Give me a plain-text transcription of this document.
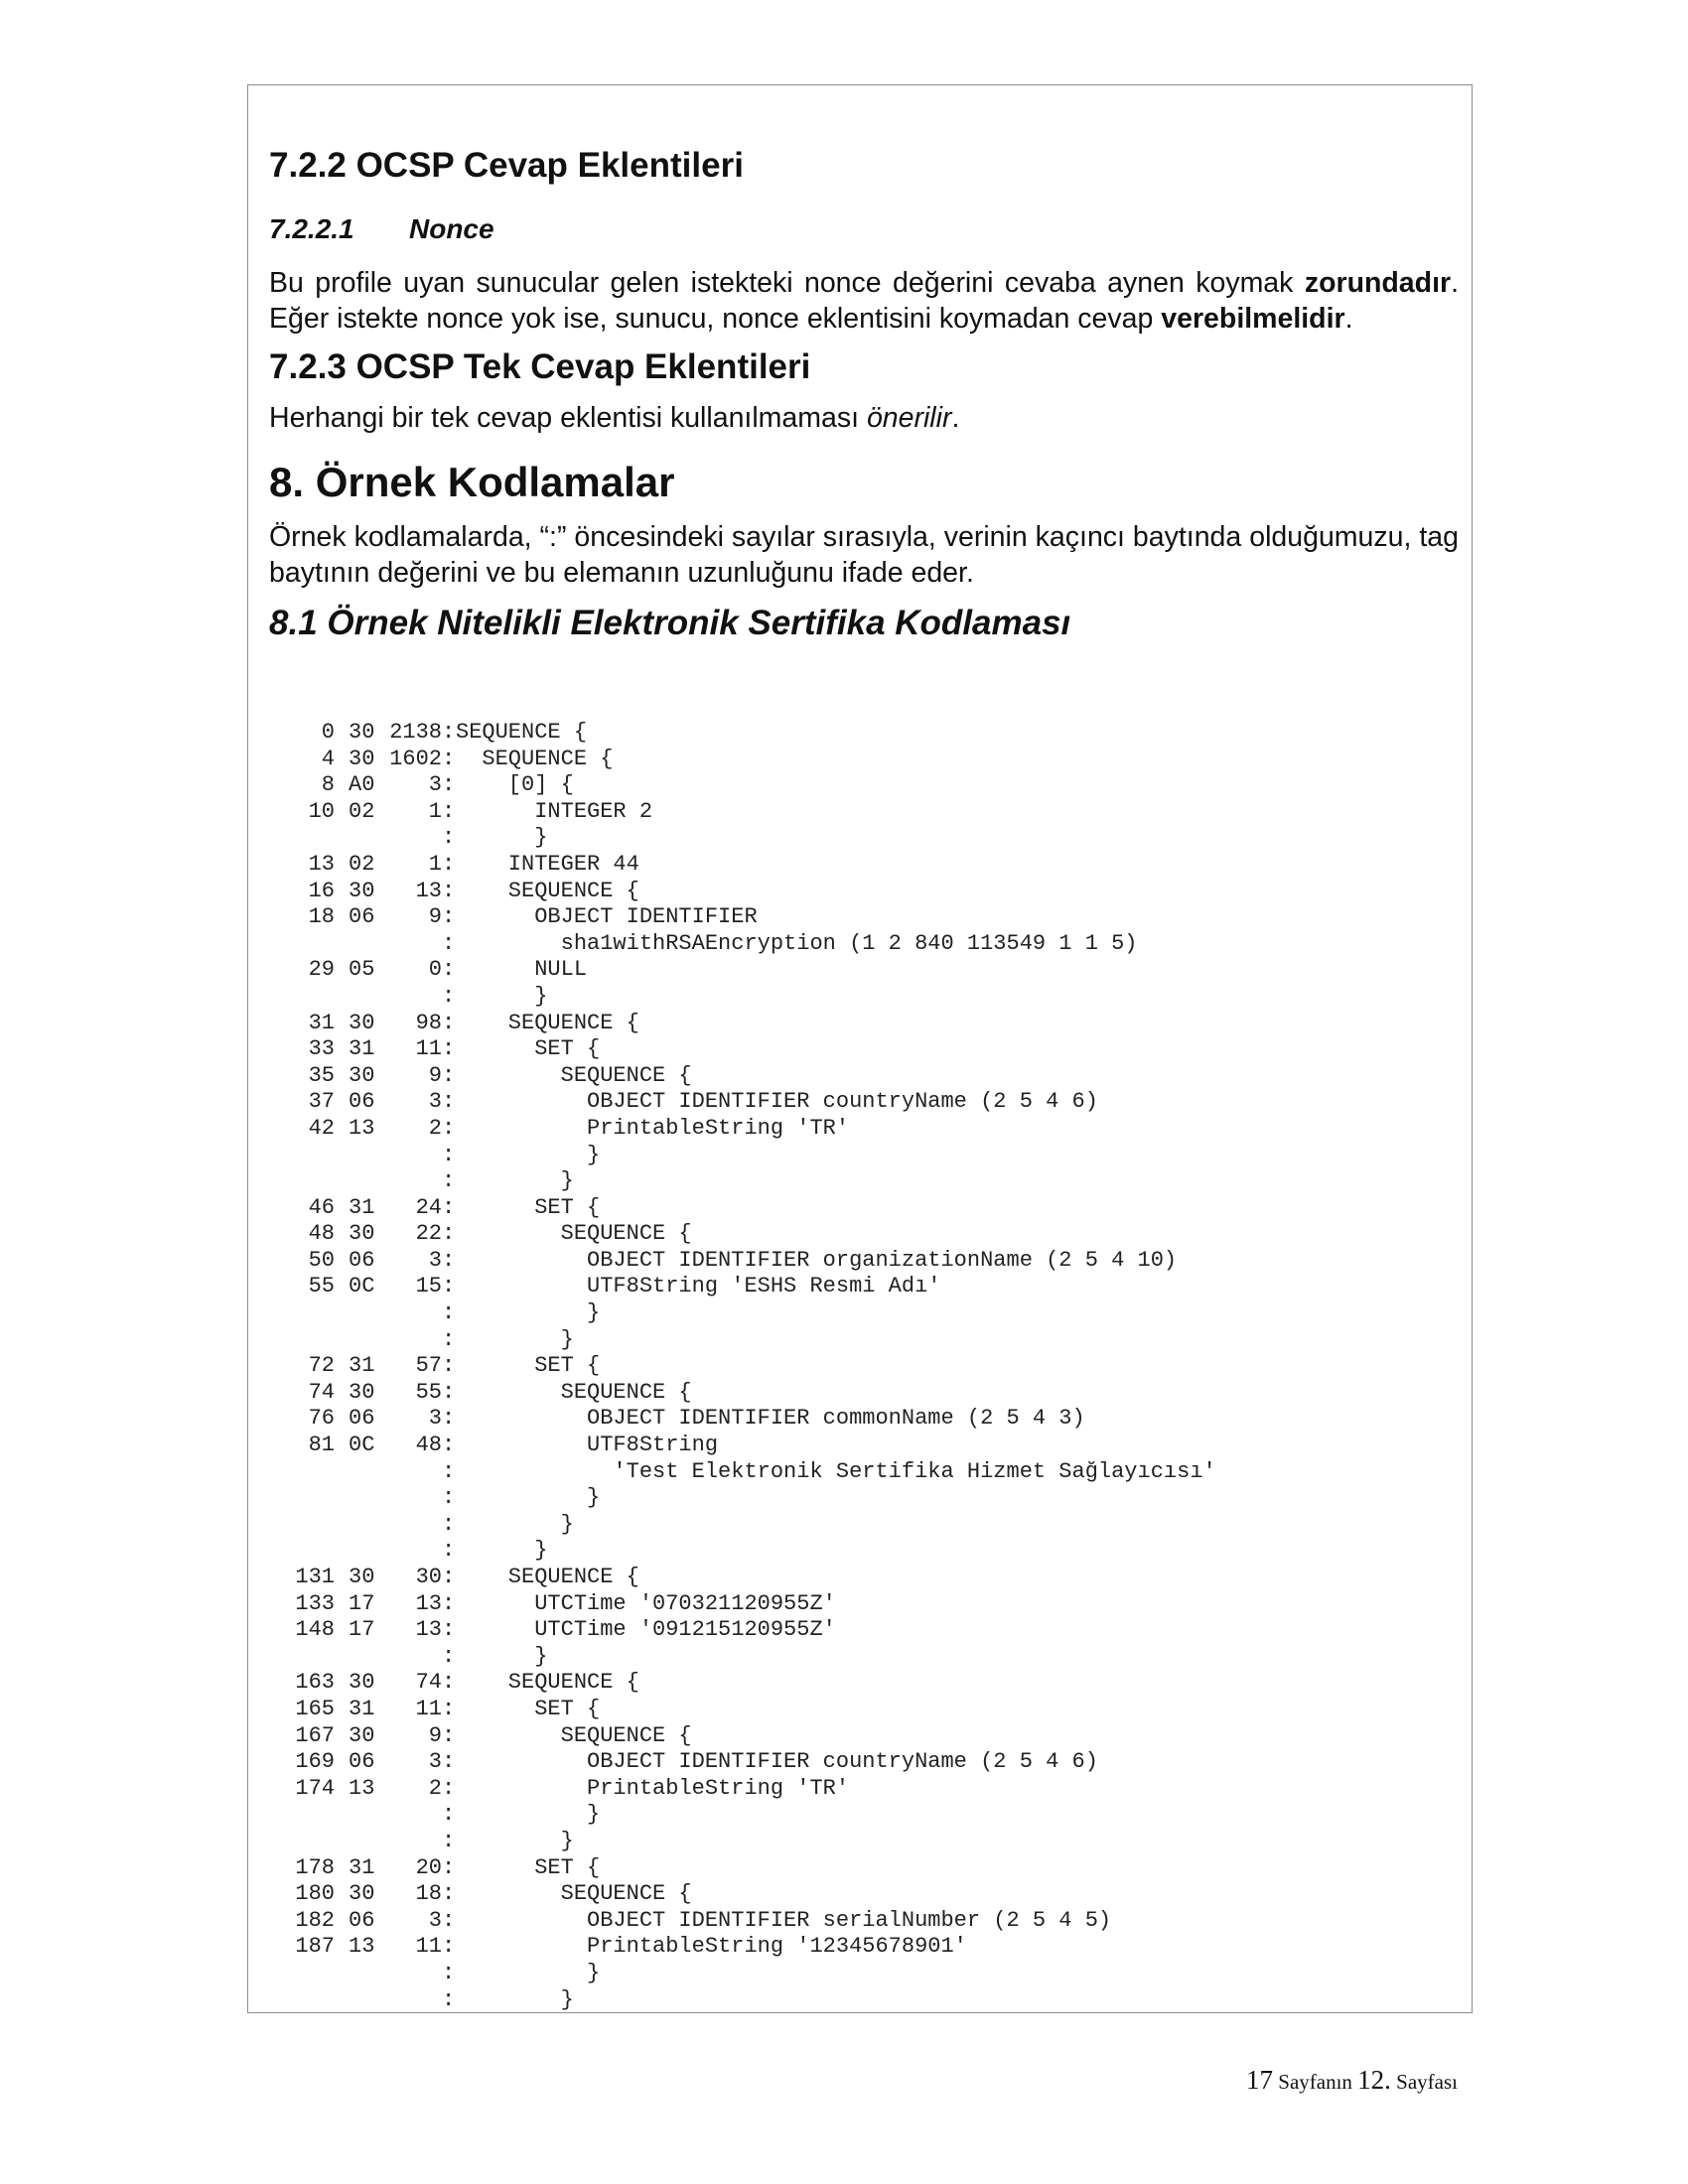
7.2.2 OCSP Cevap Eklentileri
7.2.2.1 Nonce

Bu profile uyan sunucular gelen istekteki nonce değerini cevaba aynen koymak zorundadır. Eğer istekte nonce yok ise, sunucu, nonce eklentisini koymadan cevap verebilmelidir.

7.2.3 OCSP Tek Cevap Eklentileri

Herhangi bir tek cevap eklentisi kullanılmaması önerilir.

8. Örnek Kodlamalar

Örnek kodlamalarda, “:” öncesindeki sayılar sırasıyla, verinin kaçıncı baytında olduğumuzu, tag baytının değerini ve bu elemanın uzunluğunu ifade eder.

8.1 Örnek Nitelikli Elektronik Sertifika Kodlaması
0 30 2138:SEQUENCE {
4 30 1602:  SEQUENCE {
8 A0 3:    [0] {
10 02 1:      INTEGER 2
:      }
13 02 1:    INTEGER 44
16 30 13:    SEQUENCE {
18 06 9:      OBJECT IDENTIFIER
:        sha1withRSAEncryption (1 2 840 113549 1 1 5)
29 05 0:      NULL
:      }
31 30 98:    SEQUENCE {
33 31 11:      SET {
35 30 9:        SEQUENCE {
37 06 3:          OBJECT IDENTIFIER countryName (2 5 4 6)
42 13 2:          PrintableString 'TR'
:          }
:        }
46 31 24:      SET {
48 30 22:        SEQUENCE {
50 06 3:          OBJECT IDENTIFIER organizationName (2 5 4 10)
55 0C 15:          UTF8String 'ESHS Resmi Adı'
:          }
:        }
72 31 57:      SET {
74 30 55:        SEQUENCE {
76 06 3:          OBJECT IDENTIFIER commonName (2 5 4 3)
81 0C 48:          UTF8String
:            'Test Elektronik Sertifika Hizmet Sağlayıcısı'
:          }
:        }
:      }
131 30 30:    SEQUENCE {
133 17 13:      UTCTime '070321120955Z'
148 17 13:      UTCTime '091215120955Z'
:      }
163 30 74:    SEQUENCE {
165 31 11:      SET {
167 30 9:        SEQUENCE {
169 06 3:          OBJECT IDENTIFIER countryName (2 5 4 6)
174 13 2:          PrintableString 'TR'
:          }
:        }
178 31 20:      SET {
180 30 18:        SEQUENCE {
182 06 3:          OBJECT IDENTIFIER serialNumber (2 5 4 5)
187 13 11:          PrintableString '12345678901'
:          }
:        }
17 Sayfanın 12. Sayfası
